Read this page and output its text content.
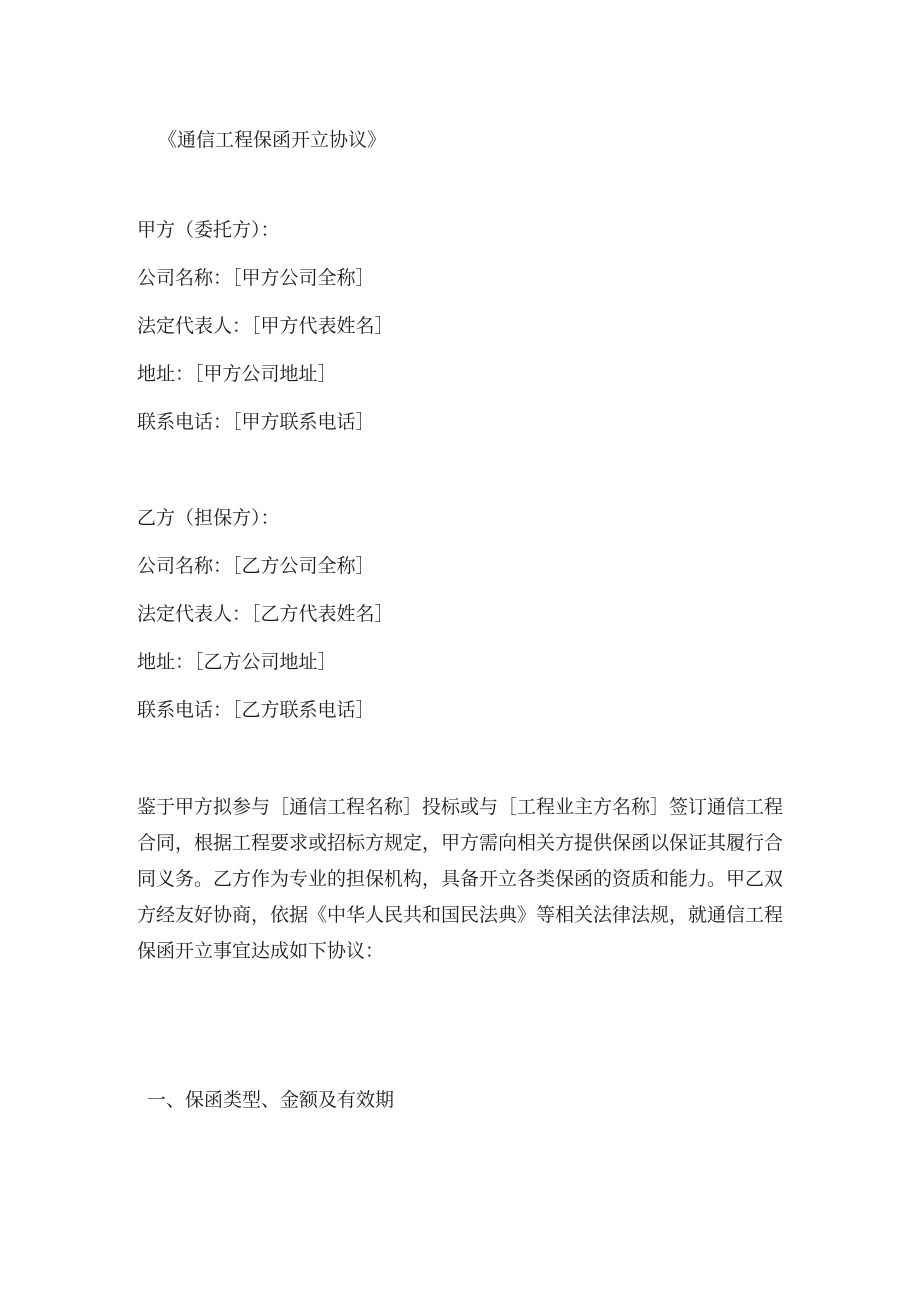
《通信工程保函开立协议》
甲方（委托方）：
公司名称：［甲方公司全称］
法定代表人：［甲方代表姓名］
地址：［甲方公司地址］
联系电话：［甲方联系电话］
乙方（担保方）：
公司名称：［乙方公司全称］
法定代表人：［乙方代表姓名］
地址：［乙方公司地址］
联系电话：［乙方联系电话］
鉴于甲方拟参与［通信工程名称］投标或与［工程业主方名称］签订通信工程
合同，根据工程要求或招标方规定，甲方需向相关方提供保函以保证其履行合
同义务。乙方作为专业的担保机构，具备开立各类保函的资质和能力。甲乙双
方经友好协商，依据《中华人民共和国民法典》等相关法律法规，就通信工程
保函开立事宜达成如下协议：
一、保函类型、金额及有效期
